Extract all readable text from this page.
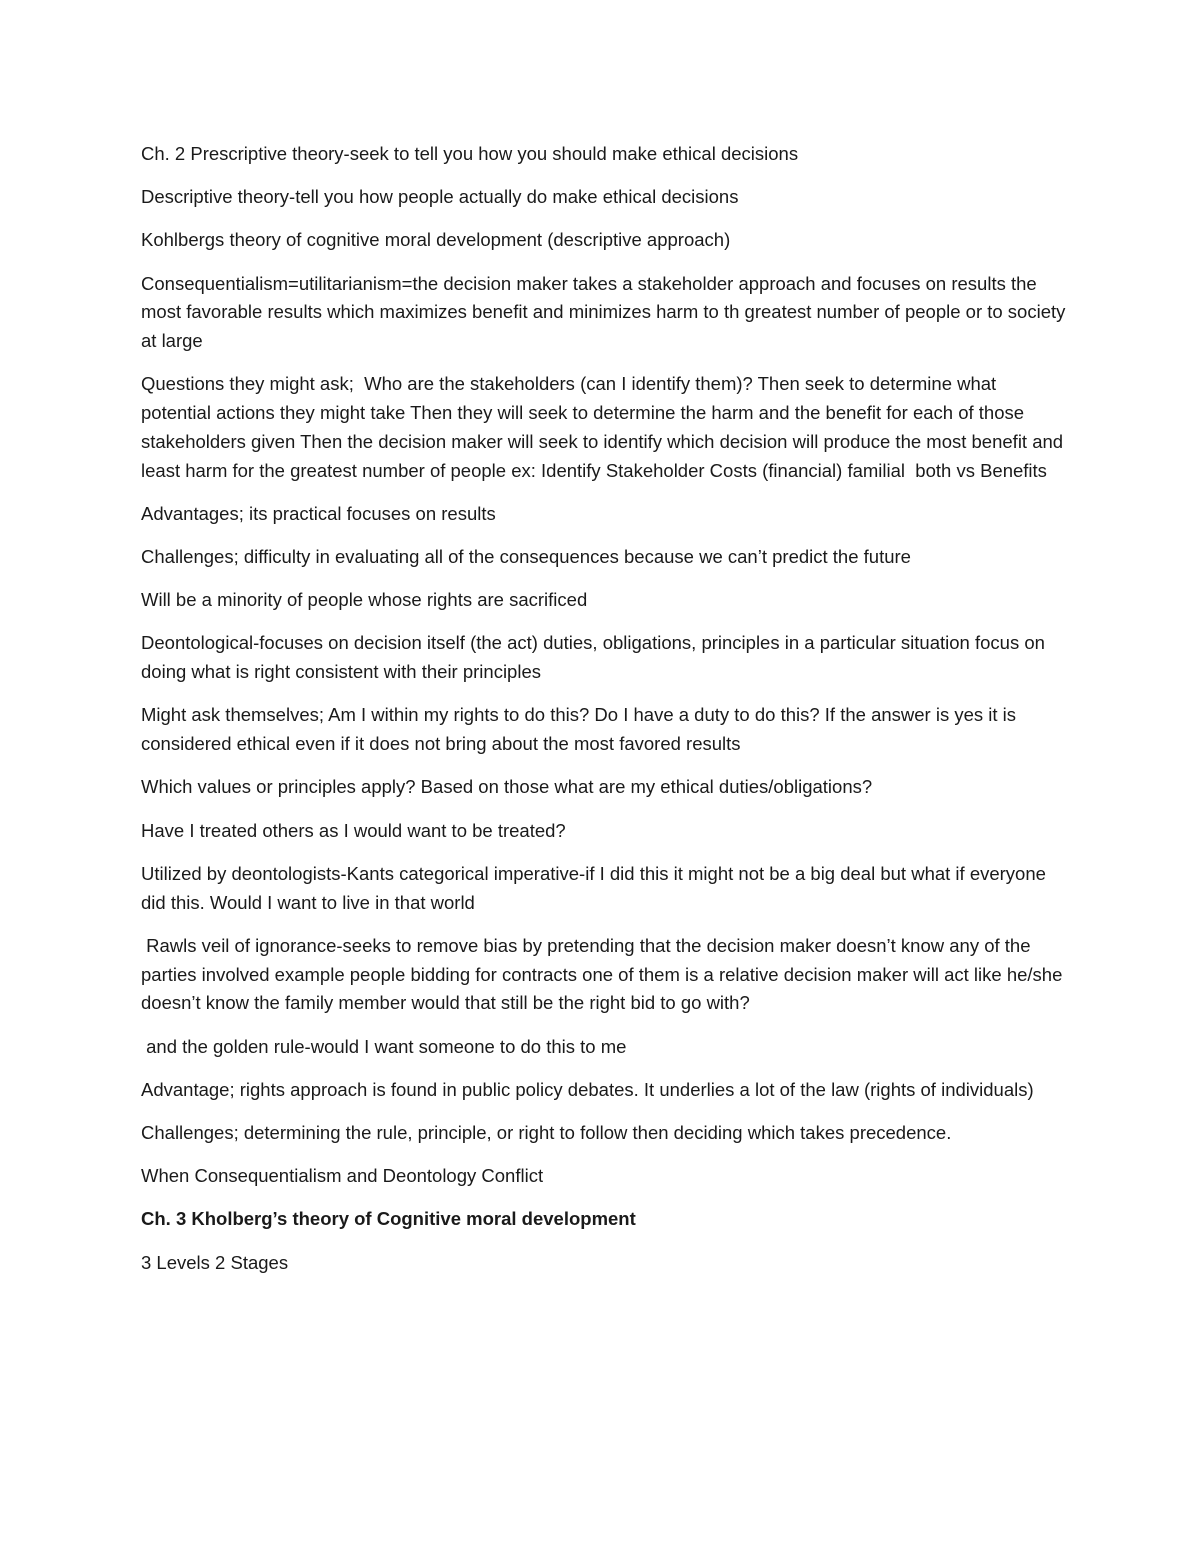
Ch. 2 Prescriptive theory-seek to tell you how you should make ethical decisions

Descriptive theory-tell you how people actually do make ethical decisions

Kohlbergs theory of cognitive moral development (descriptive approach)

Consequentialism=utilitarianism=the decision maker takes a stakeholder approach and focuses on results the most favorable results which maximizes benefit and minimizes harm to th greatest number of people or to society at large

Questions they might ask;  Who are the stakeholders (can I identify them)? Then seek to determine what potential actions they might take Then they will seek to determine the harm and the benefit for each of those stakeholders given Then the decision maker will seek to identify which decision will produce the most benefit and least harm for the greatest number of people ex: Identify Stakeholder Costs (financial) familial  both vs Benefits

Advantages; its practical focuses on results

Challenges; difficulty in evaluating all of the consequences because we can’t predict the future

Will be a minority of people whose rights are sacrificed

Deontological-focuses on decision itself (the act) duties, obligations, principles in a particular situation focus on doing what is right consistent with their principles

Might ask themselves; Am I within my rights to do this? Do I have a duty to do this? If the answer is yes it is considered ethical even if it does not bring about the most favored results

Which values or principles apply? Based on those what are my ethical duties/obligations?

Have I treated others as I would want to be treated?

Utilized by deontologists-Kants categorical imperative-if I did this it might not be a big deal but what if everyone did this. Would I want to live in that world

Rawls veil of ignorance-seeks to remove bias by pretending that the decision maker doesn’t know any of the parties involved example people bidding for contracts one of them is a relative decision maker will act like he/she doesn’t know the family member would that still be the right bid to go with?

and the golden rule-would I want someone to do this to me

Advantage; rights approach is found in public policy debates. It underlies a lot of the law (rights of individuals)

Challenges; determining the rule, principle, or right to follow then deciding which takes precedence.

When Consequentialism and Deontology Conflict

Ch. 3 Kholberg’s theory of Cognitive moral development

3 Levels 2 Stages
